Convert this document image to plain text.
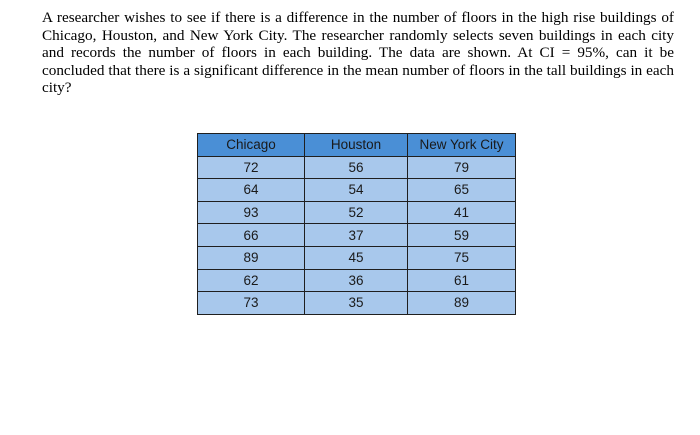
A researcher wishes to see if there is a difference in the number of floors in the high rise buildings of Chicago, Houston, and New York City. The researcher randomly selects seven buildings in each city and records the number of floors in each building. The data are shown. At CI = 95%, can it be concluded that there is a significant difference in the mean number of floors in the tall buildings in each city?

Chicago	Houston	New York City
72	56	79
64	54	65
93	52	41
66	37	59
89	45	75
62	36	61
73	35	89
